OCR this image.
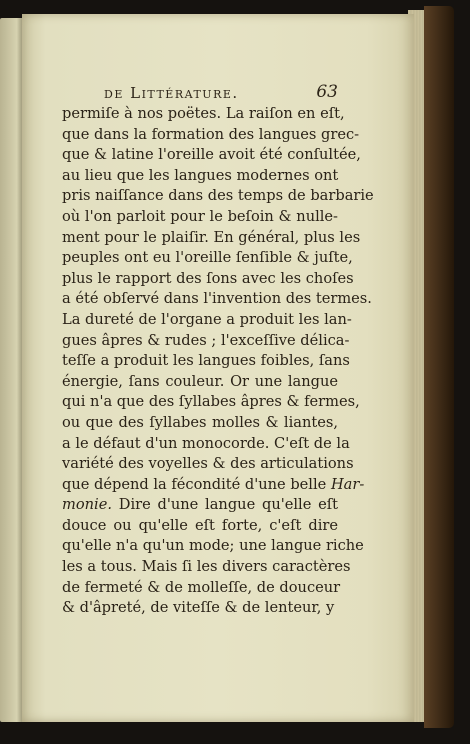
de Littérature.	63
permiſe à nos poëtes. La raiſon en eſt,
que dans la formation des langues grec-
que & latine l'oreille avoit été conſultée,
au lieu que les langues modernes ont
pris naiſſance dans des temps de barbarie
où l'on parloit pour le beſoin & nulle-
ment pour le plaiſir. En général, plus les
peuples ont eu l'oreille ſenſible & juſte,
plus le rapport des ſons avec les choſes
a été obſervé dans l'invention des termes.
La dureté de l'organe a produit les lan-
gues âpres & rudes ; l'exceſſive délica-
teſſe a produit les langues foibles, ſans
énergie, ſans couleur. Or une langue
qui n'a que des ſyllabes âpres & fermes,
ou que des ſyllabes molles & liantes,
a le défaut d'un monocorde. C'eſt de la
variété des voyelles & des articulations
que dépend la fécondité d'une belle Har-
monie. Dire d'une langue qu'elle eſt
douce ou qu'elle eſt forte, c'eſt dire
qu'elle n'a qu'un mode; une langue riche
les a tous. Mais ſi les divers caractères
de fermeté & de molleſſe, de douceur
& d'âpreté, de viteſſe & de lenteur, y
